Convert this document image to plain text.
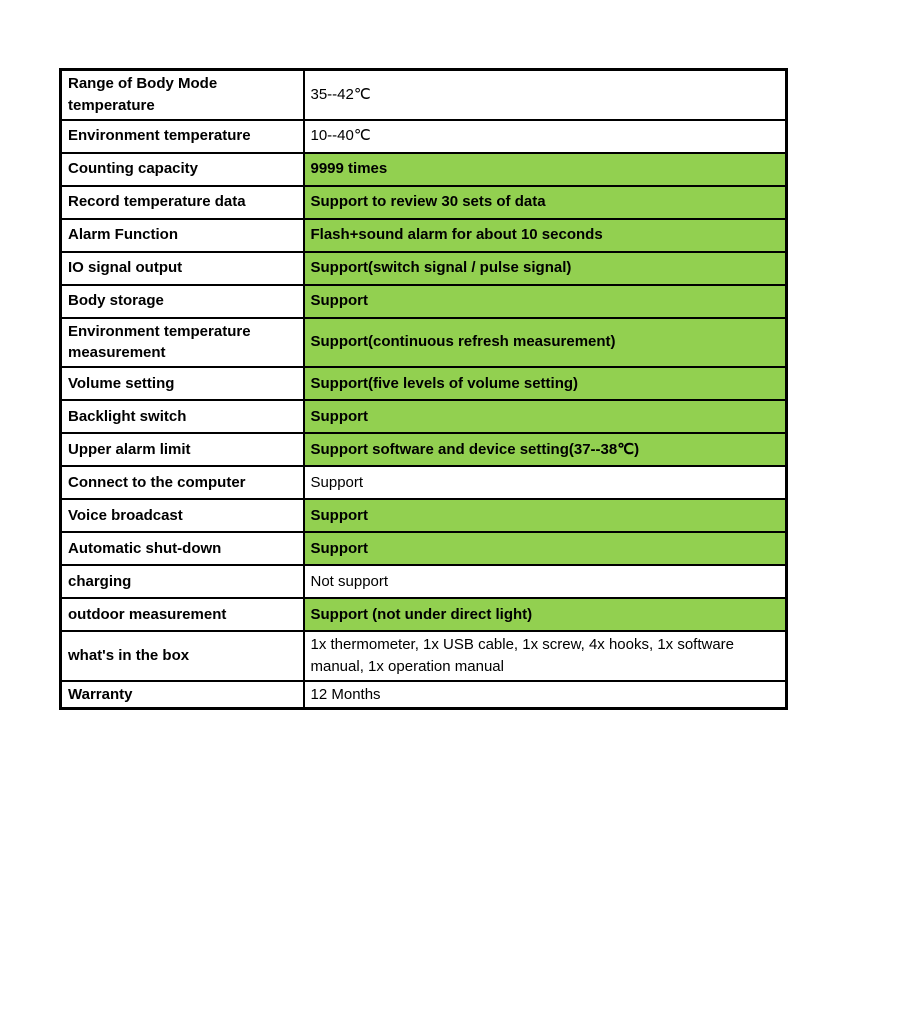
Range of Body Mode temperature	35--42℃
Environment temperature	10--40℃
Counting capacity	9999 times
Record temperature data	Support to review 30 sets of data
Alarm Function	Flash+sound alarm for about 10 seconds
IO signal output	Support(switch signal / pulse signal)
Body storage	Support
Environment temperature measurement	Support(continuous refresh measurement)
Volume setting	Support(five levels of volume setting)
Backlight switch	Support
Upper alarm limit	Support software and device setting(37--38℃)
Connect to the computer	Support
Voice broadcast	Support
Automatic shut-down	Support
charging	Not support
outdoor measurement	Support (not under direct light)
what's in the box	1x thermometer, 1x USB cable, 1x screw, 4x hooks, 1x software manual, 1x operation manual
Warranty	12 Months
